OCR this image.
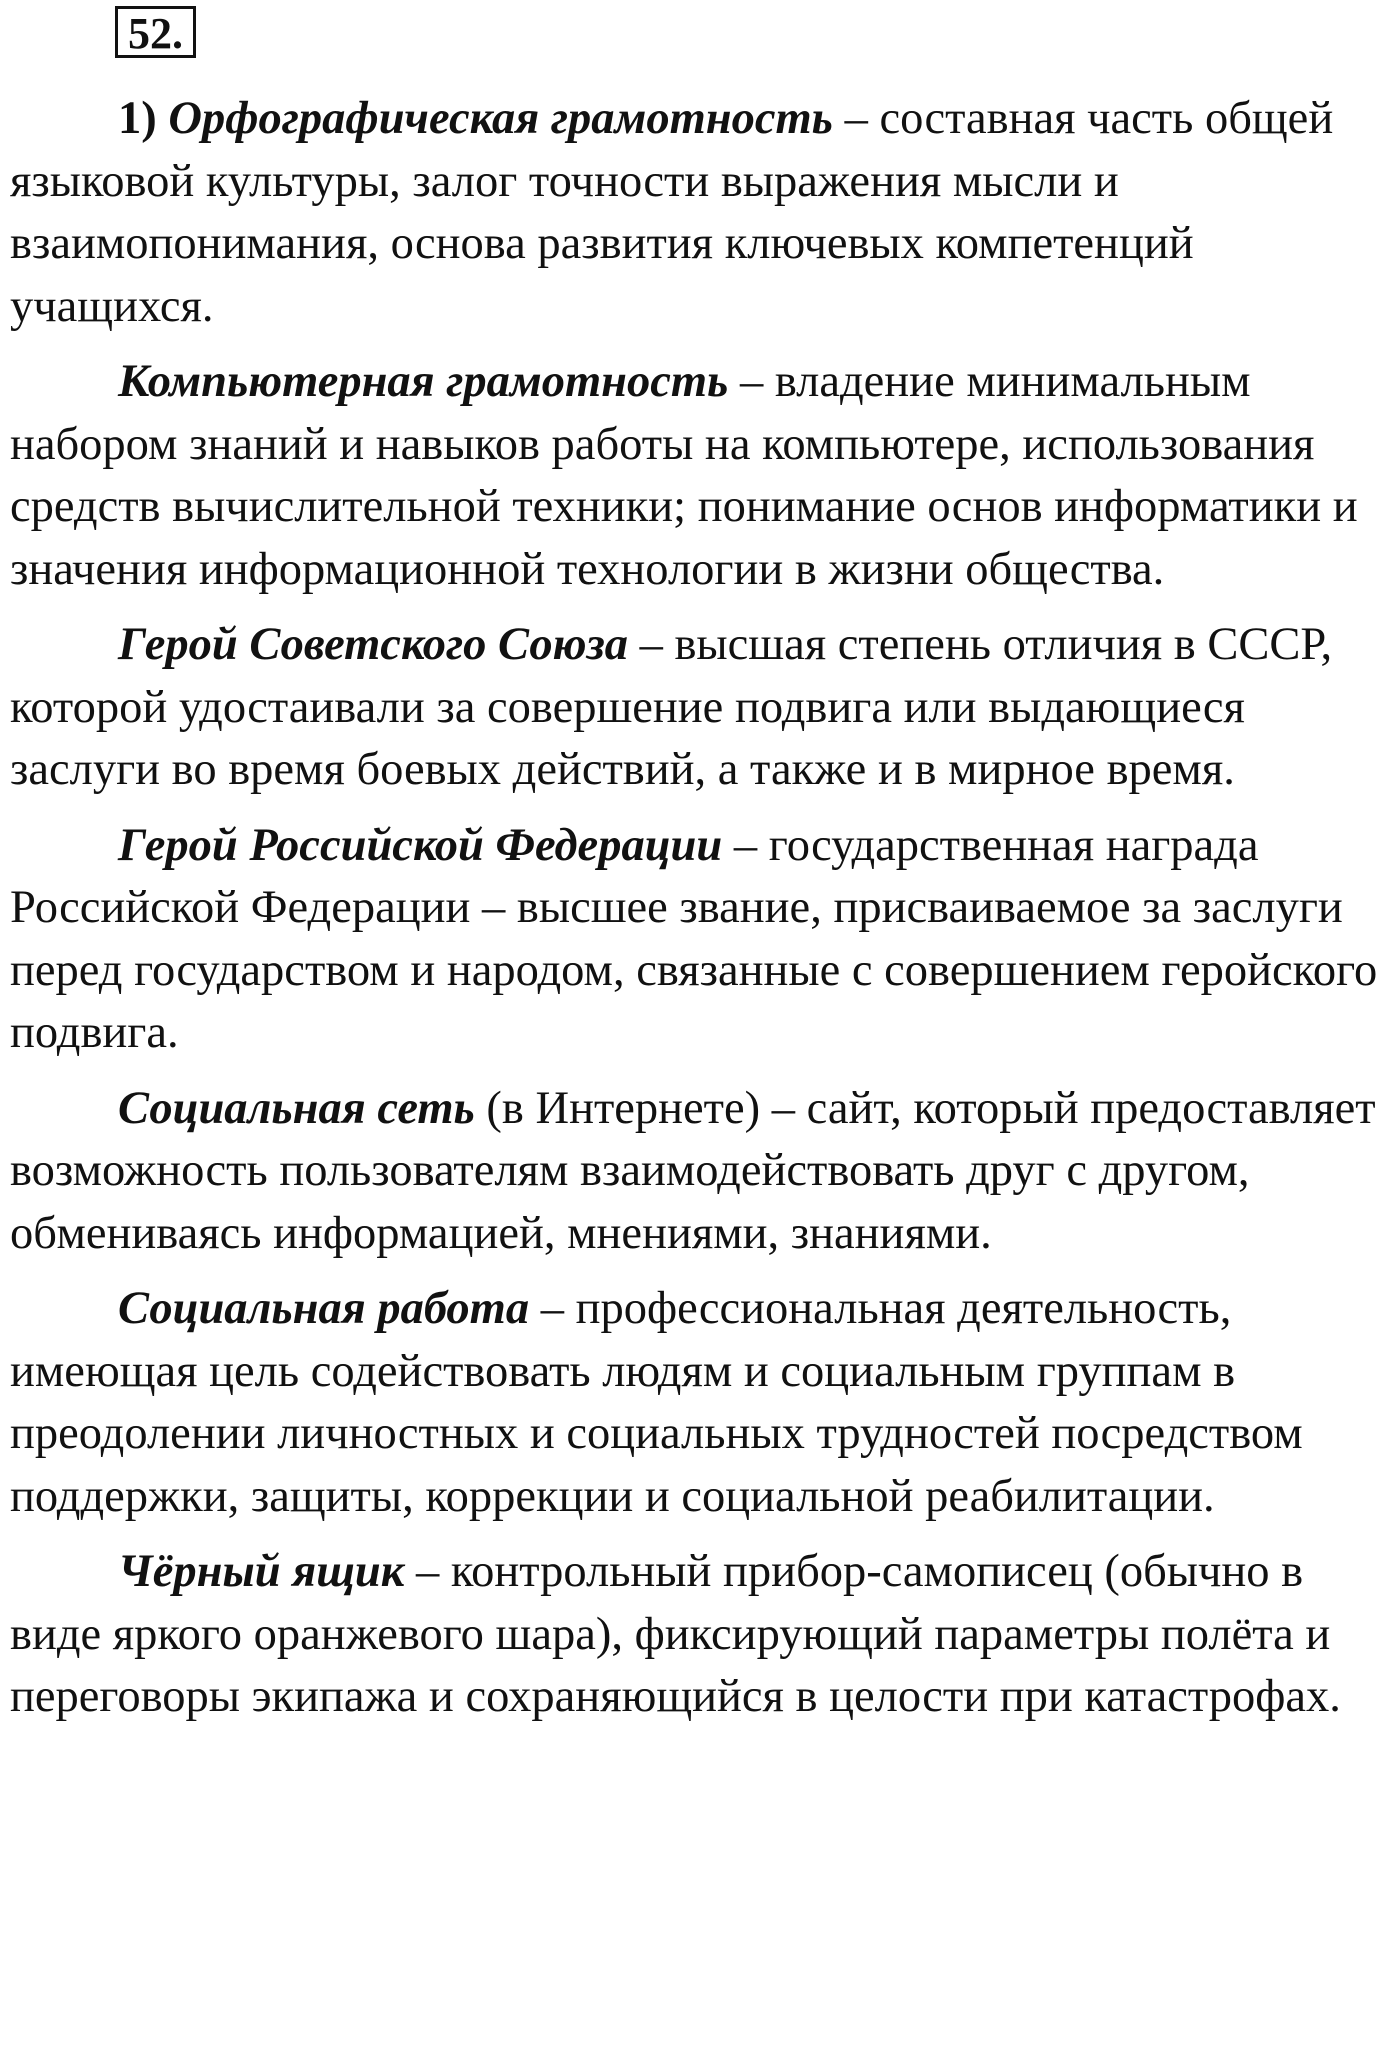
52.

1) Орфографическая грамотность – составная часть общей языковой культуры, залог точности выражения мысли и взаимопонимания, основа развития ключевых компетенций учащихся.

Компьютерная грамотность – владение минимальным набором знаний и навыков работы на компьютере, использования средств вычислительной техники; понимание основ информатики и значения информационной технологии в жизни общества.

Герой Советского Союза – высшая степень отличия в СССР, которой удостаивали за совершение подвига или выдающиеся заслуги во время боевых действий, а также и в мирное время.

Герой Российской Федерации – государственная награда Российской Федерации – высшее звание, присваиваемое за заслуги перед государством и народом, связанные с совершением геройского подвига.

Социальная сеть (в Интернете) – сайт, который предоставляет возможность пользователям взаимодействовать друг с другом, обмениваясь информацией, мнениями, знаниями.

Социальная работа – профессиональная деятельность, имеющая цель содействовать людям и социальным группам в преодолении личностных и социальных трудностей посредством поддержки, защиты, коррекции и социальной реабилитации.

Чёрный ящик – контрольный прибор-самописец (обычно в виде яркого оранжевого шара), фиксирующий параметры полёта и переговоры экипажа и сохраняющийся в целости при катастрофах.
